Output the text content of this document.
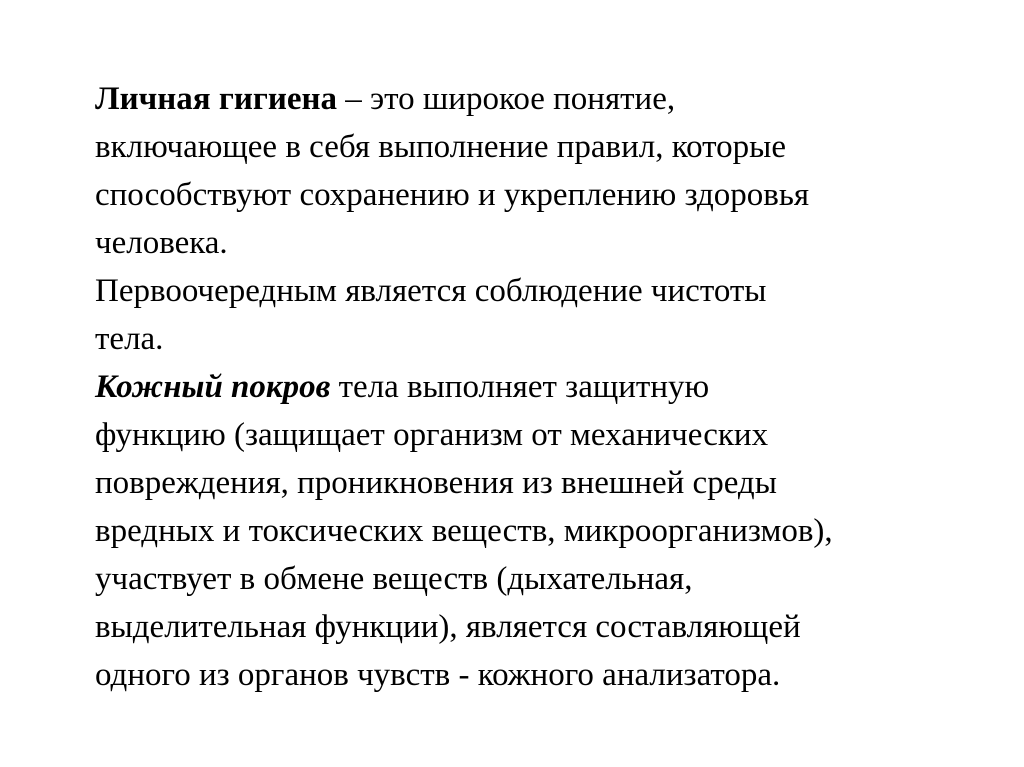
Личная гигиена – это широкое понятие,
включающее в себя выполнение правил, которые
способствуют сохранению и укреплению здоровья
человека.

Первоочередным является соблюдение чистоты
тела.

Кожный покров тела выполняет защитную
функцию (защищает организм от механических
повреждения, проникновения из внешней среды
вредных и токсических веществ, микроорганизмов),
участвует в обмене веществ (дыхательная,
выделительная функции), является составляющей
одного из органов чувств - кожного анализатора.
